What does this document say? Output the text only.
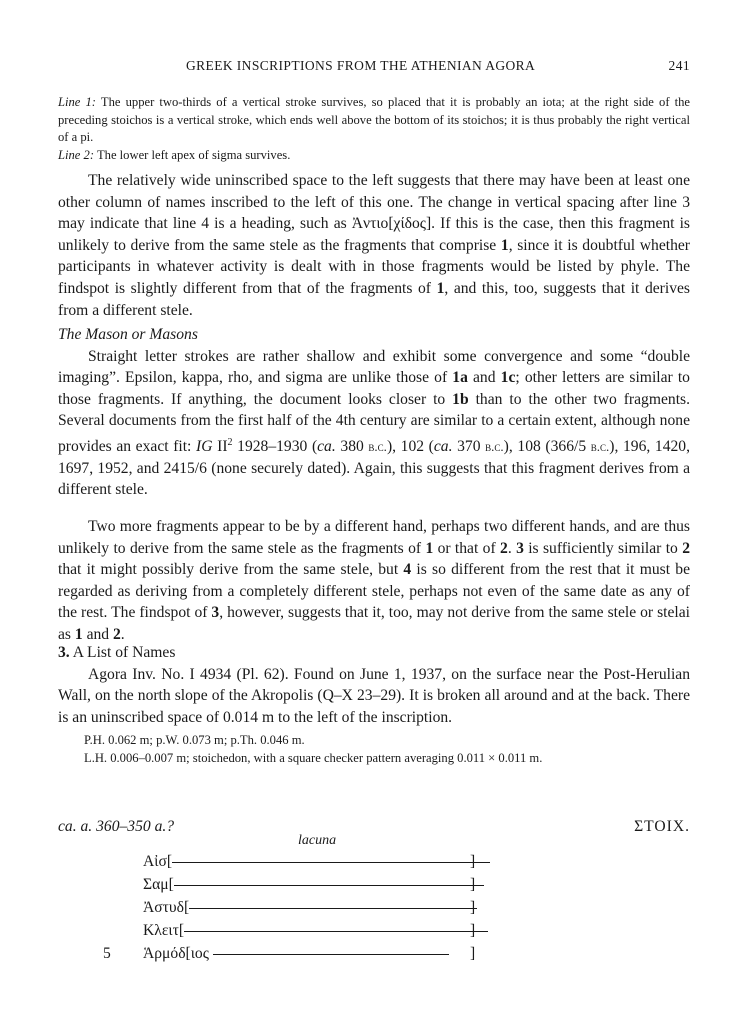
GREEK INSCRIPTIONS FROM THE ATHENIAN AGORA	241

Line 1: The upper two-thirds of a vertical stroke survives, so placed that it is probably an iota; at the right side of the preceding stoichos is a vertical stroke, which ends well above the bottom of its stoichos; it is thus probably the right vertical of a pi.

Line 2: The lower left apex of sigma survives.

The relatively wide uninscribed space to the left suggests that there may have been at least one other column of names inscribed to the left of this one. The change in vertical spacing after line 3 may indicate that line 4 is a heading, such as Ἀντιο[χίδος]. If this is the case, then this fragment is unlikely to derive from the same stele as the fragments that comprise 1, since it is doubtful whether participants in whatever activity is dealt with in those fragments would be listed by phyle. The findspot is slightly different from that of the fragments of 1, and this, too, suggests that it derives from a different stele.

The Mason or Masons

Straight letter strokes are rather shallow and exhibit some convergence and some “double imaging”. Epsilon, kappa, rho, and sigma are unlike those of 1a and 1c; other letters are similar to those fragments. If anything, the document looks closer to 1b than to the other two fragments. Several documents from the first half of the 4th century are similar to a certain extent, although none provides an exact fit: IG $II^2$ 1928–1930 (ca. 380 b.c.), 102 (ca. 370 b.c.), 108 (366/5 b.c.), 196, 1420, 1697, 1952, and 2415/6 (none securely dated). Again, this suggests that this fragment derives from a different stele.

Two more fragments appear to be by a different hand, perhaps two different hands, and are thus unlikely to derive from the same stele as the fragments of 1 or that of 2. 3 is sufficiently similar to 2 that it might possibly derive from the same stele, but 4 is so different from the rest that it must be regarded as deriving from a completely different stele, perhaps not even of the same date as any of the rest. The findspot of 3, however, suggests that it, too, may not derive from the same stele or stelai as 1 and 2.

3. A List of Names

Agora Inv. No. I 4934 (Pl. 62). Found on June 1, 1937, on the surface near the Post-Herulian Wall, on the north slope of the Akropolis (Q–X 23–29). It is broken all around and at the back. There is an uninscribed space of 0.014 m to the left of the inscription.

P.H. 0.062 m; p.W. 0.073 m; p.Th. 0.046 m.

L.H. 0.006–0.007 m; stoichedon, with a square checker pattern averaging 0.011 × 0.011 m.

ca. a. 360–350 a.?	ΣΤΟΙΧ.
lacuna
Αἰσ[
Σαμ[
Ἀστυδ[
Κλειτ[
Ἁρμόδ[ιος
5
]
]
]
]
]
